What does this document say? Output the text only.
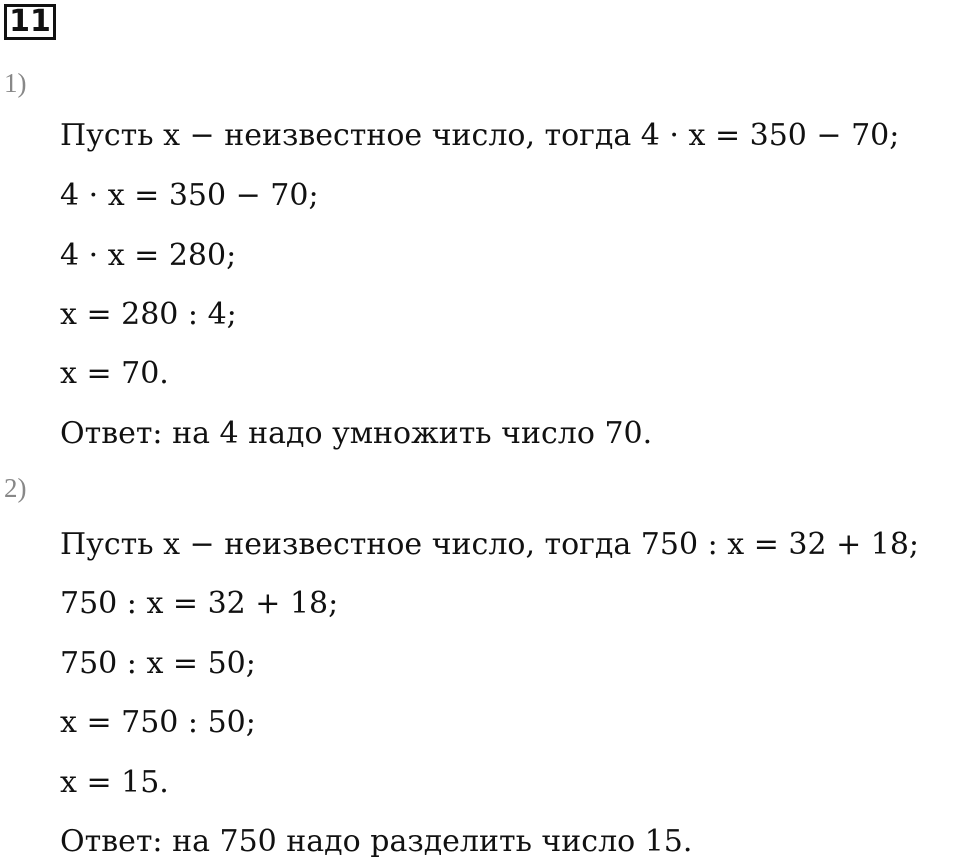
11
1)
Пусть x − неизвестное число, тогда 4 · x = 350 − 70;
4 · x = 350 − 70;
4 · x = 280;
x = 280 : 4;
x = 70.
Ответ: на 4 надо умножить число 70.
2)
Пусть x − неизвестное число, тогда 750 : x = 32 + 18;
750 : x = 32 + 18;
750 : x = 50;
x = 750 : 50;
x = 15.
Ответ: на 750 надо разделить число 15.
